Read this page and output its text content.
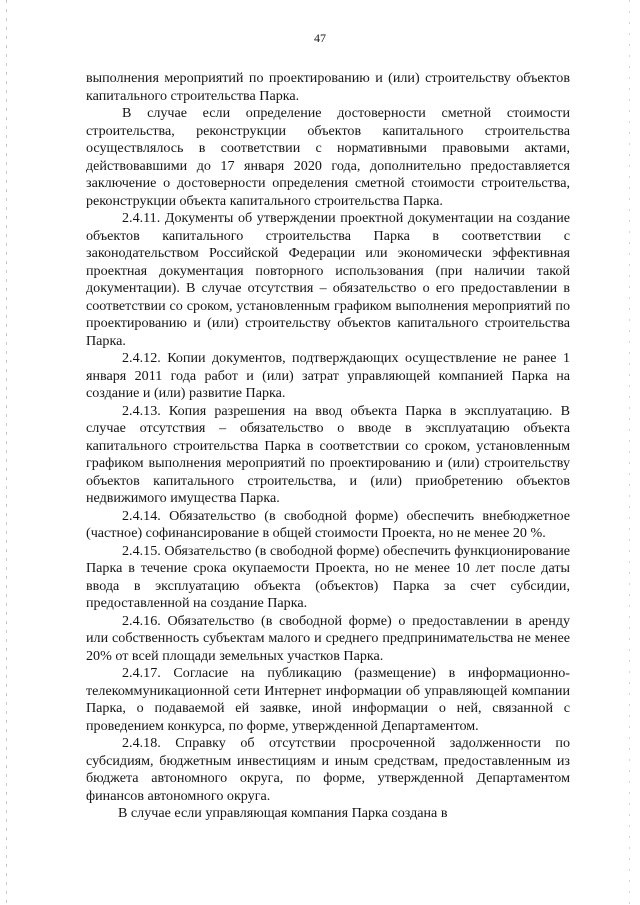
47

выполнения мероприятий по проектированию и (или) строительству объектов капитального строительства Парка.

В случае если определение достоверности сметной стоимости строительства, реконструкции объектов капитального строительства осуществлялось в соответствии с нормативными правовыми актами, действовавшими до 17 января 2020 года, дополнительно предоставляется заключение о достоверности определения сметной стоимости строительства, реконструкции объекта капитального строительства Парка.

2.4.11. Документы об утверждении проектной документации на создание объектов капитального строительства Парка в соответствии с законодательством Российской Федерации или экономически эффективная проектная документация повторного использования (при наличии такой документации). В случае отсутствия – обязательство о его предоставлении в соответствии со сроком, установленным графиком выполнения мероприятий по проектированию и (или) строительству объектов капитального строительства Парка.

2.4.12. Копии документов, подтверждающих осуществление не ранее 1 января 2011 года работ и (или) затрат управляющей компанией Парка на создание и (или) развитие Парка.

2.4.13. Копия разрешения на ввод объекта Парка в эксплуатацию. В случае отсутствия – обязательство о вводе в эксплуатацию объекта капитального строительства Парка в соответствии со сроком, установленным графиком выполнения мероприятий по проектированию и (или) строительству объектов капитального строительства, и (или) приобретению объектов недвижимого имущества Парка.

2.4.14. Обязательство (в свободной форме) обеспечить внебюджетное (частное) софинансирование в общей стоимости Проекта, но не менее 20 %.

2.4.15. Обязательство (в свободной форме) обеспечить функционирование Парка в течение срока окупаемости Проекта, но не менее 10 лет после даты ввода в эксплуатацию объекта (объектов) Парка за счет субсидии, предоставленной на создание Парка.

2.4.16. Обязательство (в свободной форме) о предоставлении в аренду или собственность субъектам малого и среднего предпринимательства не менее 20% от всей площади земельных участков Парка.

2.4.17. Согласие на публикацию (размещение) в информационно-телекоммуникационной сети Интернет информации об управляющей компании Парка, о подаваемой ей заявке, иной информации о ней, связанной с проведением конкурса, по форме, утвержденной Департаментом.

2.4.18. Справку об отсутствии просроченной задолженности по субсидиям, бюджетным инвестициям и иным средствам, предоставленным из бюджета автономного округа, по форме, утвержденной Департаментом финансов автономного округа.

В случае если управляющая компания Парка создана в
